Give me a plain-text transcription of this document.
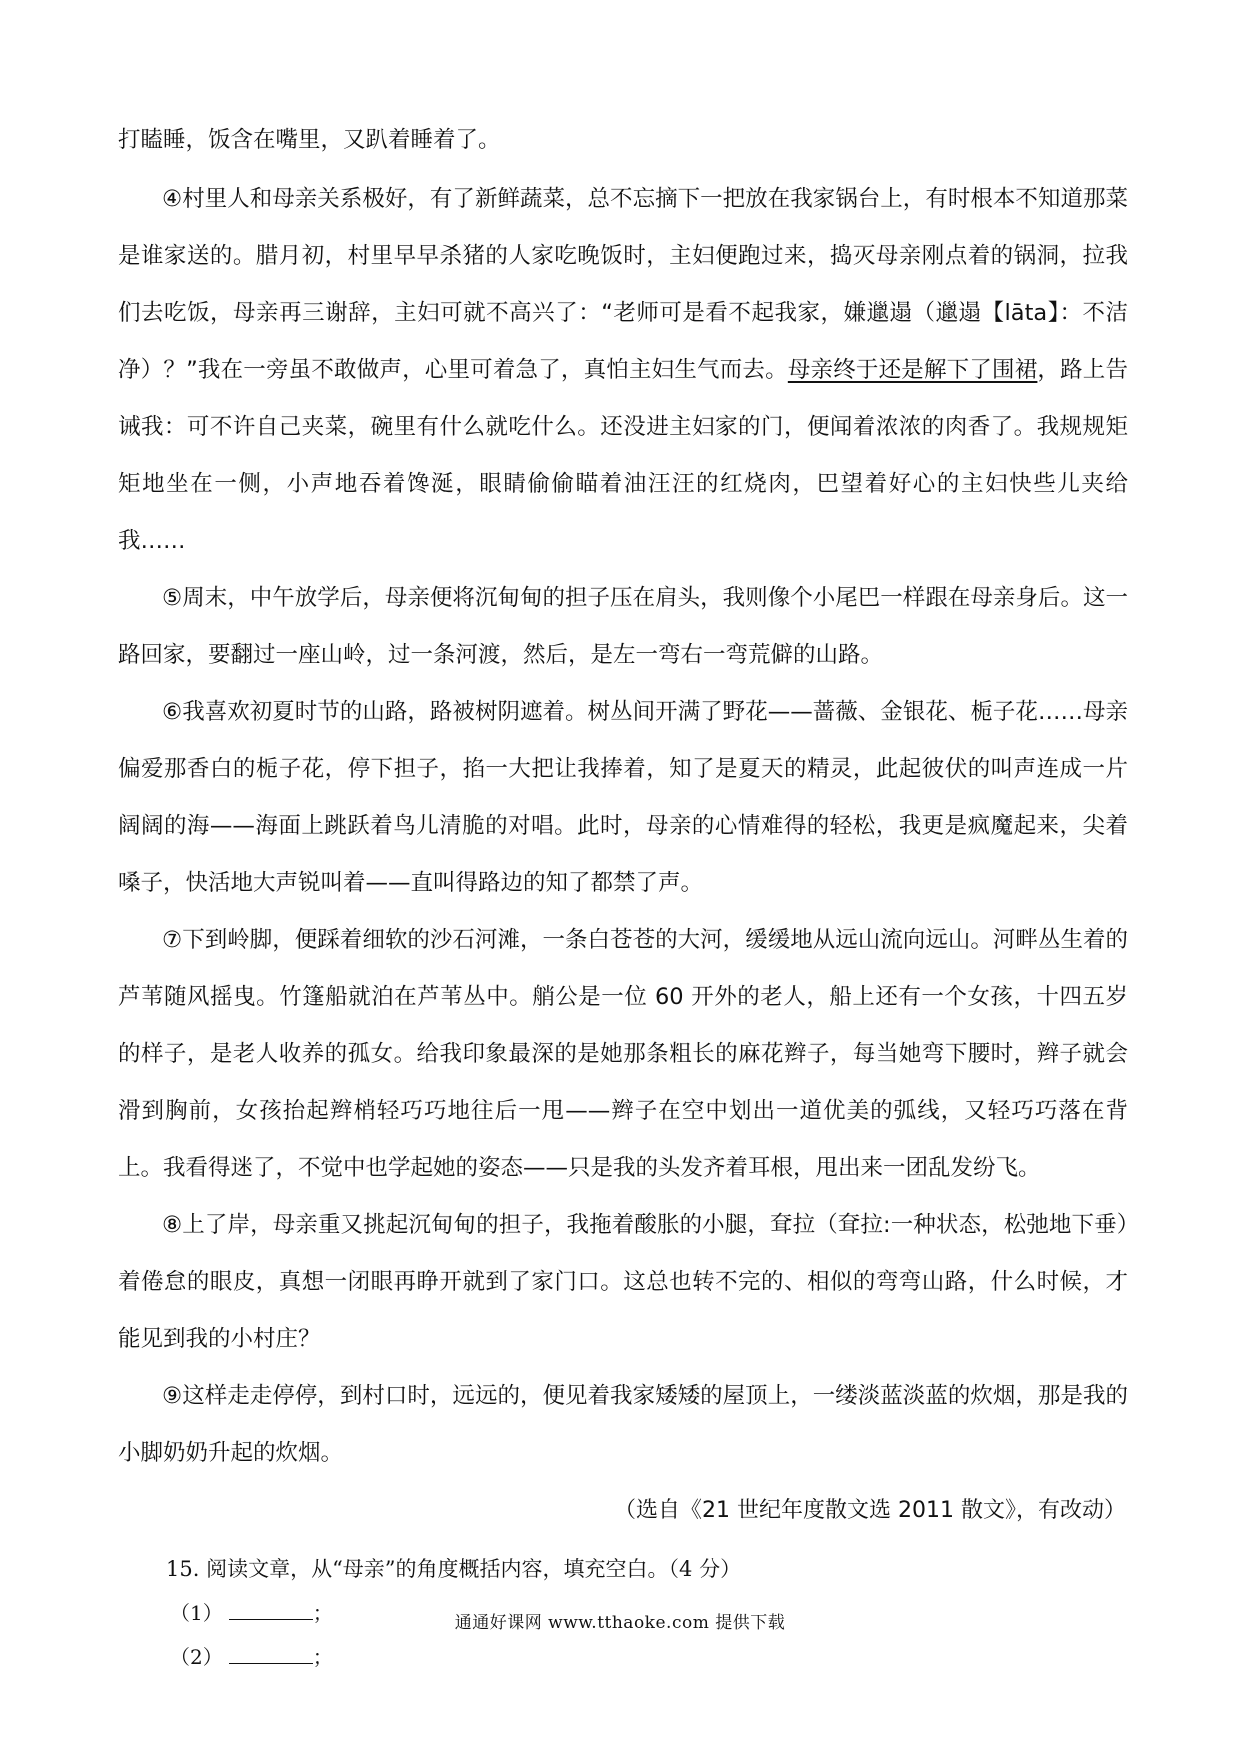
打瞌睡，饭含在嘴里，又趴着睡着了。

④村里人和母亲关系极好，有了新鲜蔬菜，总不忘摘下一把放在我家锅台上，有时根本不知道那菜是谁家送的。腊月初，村里早早杀猪的人家吃晚饭时，主妇便跑过来，捣灭母亲刚点着的锅洞，拉我们去吃饭，母亲再三谢辞，主妇可就不高兴了：“老师可是看不起我家，嫌邋遢（邋遢【lāta】：不洁净）？”我在一旁虽不敢做声，心里可着急了，真怕主妇生气而去。母亲终于还是解下了围裙，路上告诫我：可不许自己夹菜，碗里有什么就吃什么。还没进主妇家的门，便闻着浓浓的肉香了。我规规矩矩地坐在一侧，小声地吞着馋涎，眼睛偷偷瞄着油汪汪的红烧肉，巴望着好心的主妇快些儿夹给我……

⑤周末，中午放学后，母亲便将沉甸甸的担子压在肩头，我则像个小尾巴一样跟在母亲身后。这一路回家，要翻过一座山岭，过一条河渡，然后，是左一弯右一弯荒僻的山路。

⑥我喜欢初夏时节的山路，路被树阴遮着。树丛间开满了野花——蔷薇、金银花、栀子花……母亲偏爱那香白的栀子花，停下担子，掐一大把让我捧着，知了是夏天的精灵，此起彼伏的叫声连成一片阔阔的海——海面上跳跃着鸟儿清脆的对唱。此时，母亲的心情难得的轻松，我更是疯魔起来，尖着嗓子，快活地大声锐叫着——直叫得路边的知了都禁了声。

⑦下到岭脚，便踩着细软的沙石河滩，一条白苍苍的大河，缓缓地从远山流向远山。河畔丛生着的芦苇随风摇曳。竹篷船就泊在芦苇丛中。艄公是一位 60 开外的老人，船上还有一个女孩，十四五岁的样子，是老人收养的孤女。给我印象最深的是她那条粗长的麻花辫子，每当她弯下腰时，辫子就会滑到胸前，女孩抬起辫梢轻巧巧地往后一甩——辫子在空中划出一道优美的弧线，又轻巧巧落在背上。我看得迷了，不觉中也学起她的姿态——只是我的头发齐着耳根，甩出来一团乱发纷飞。

⑧上了岸，母亲重又挑起沉甸甸的担子，我拖着酸胀的小腿，耷拉（耷拉:一种状态，松弛地下垂）着倦怠的眼皮，真想一闭眼再睁开就到了家门口。这总也转不完的、相似的弯弯山路，什么时候，才能见到我的小村庄？

⑨这样走走停停，到村口时，远远的，便见着我家矮矮的屋顶上，一缕淡蓝淡蓝的炊烟，那是我的小脚奶奶升起的炊烟。

（选自《21 世纪年度散文选 2011 散文》，有改动）

15. 阅读文章，从“母亲”的角度概括内容，填充空白。（4 分）

（1）	；
（2）	；
通通好课网 www.tthaoke.com 提供下载
